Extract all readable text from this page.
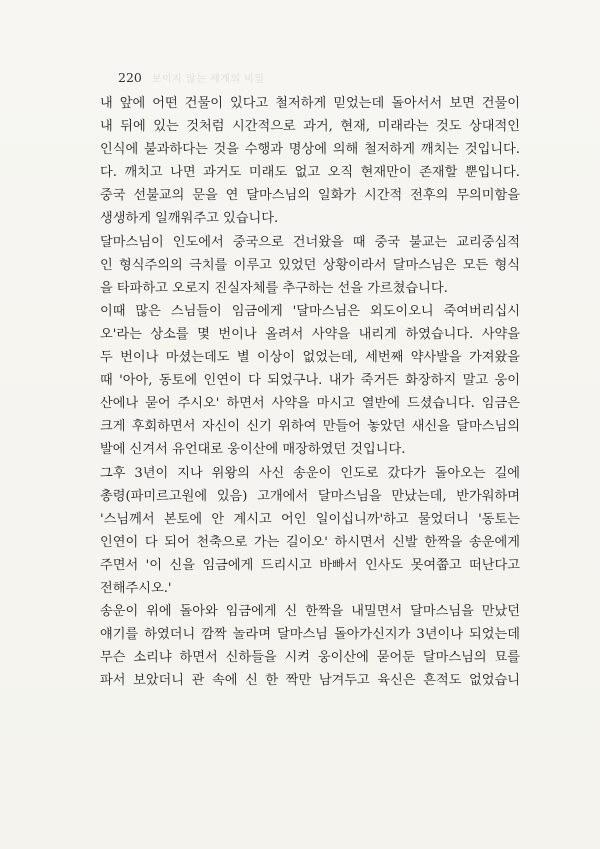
220 보이지 않는 세계의 비밀
내 앞에 어떤 건물이 있다고 철저하게 믿었는데 돌아서서 보면 건물이
내 뒤에 있는 것처럼 시간적으로 과거, 현재, 미래라는 것도 상대적인
인식에 불과하다는 것을 수행과 명상에 의해 철저하게 깨치는 것입니다.
다. 깨치고 나면 과거도 미래도 없고 오직 현재만이 존재할 뿐입니다.
중국 선불교의 문을 연 달마스님의 일화가 시간적 전후의 무의미함을
생생하게 일깨워주고 있습니다.
달마스님이 인도에서 중국으로 건너왔을 때 중국 불교는 교리중심적
인 형식주의의 극치를 이루고 있었던 상황이라서 달마스님은 모든 형식
을 타파하고 오로지 진실자체를 추구하는 선을 가르쳤습니다.
이때 많은 스님들이 임금에게 '달마스님은 외도이오니 죽여버리십시
오'라는 상소를 몇 번이나 올려서 사약을 내리게 하였습니다. 사약을
두 번이나 마셨는데도 별 이상이 없었는데, 세번째 약사발을 가져왔을
때 '아아, 동토에 인연이 다 되었구나. 내가 죽거든 화장하지 말고 웅이
산에나 묻어 주시오' 하면서 사약을 마시고 열반에 드셨습니다. 임금은
크게 후회하면서 자신이 신기 위하여 만들어 놓았던 새신을 달마스님의
발에 신겨서 유언대로 웅이산에 매장하였던 것입니다.
그후 3년이 지나 위왕의 사신 송운이 인도로 갔다가 돌아오는 길에
총령(파미르고원에 있음) 고개에서 달마스님을 만났는데, 반가워하며
'스님께서 본토에 안 계시고 어인 일이십니까'하고 물었더니 '동토는
인연이 다 되어 천축으로 가는 길이오' 하시면서 신발 한짝을 송운에게
주면서 '이 신을 임금에게 드리시고 바빠서 인사도 못여쭙고 떠난다고
전해주시오.'
송운이 위에 돌아와 임금에게 신 한짝을 내밀면서 달마스님을 만났던
얘기를 하였더니 깜짝 놀라며 달마스님 돌아가신지가 3년이나 되었는데
무슨 소리냐 하면서 신하들을 시켜 웅이산에 묻어둔 달마스님의 묘를
파서 보았더니 관 속에 신 한 짝만 남겨두고 육신은 흔적도 없었습니
